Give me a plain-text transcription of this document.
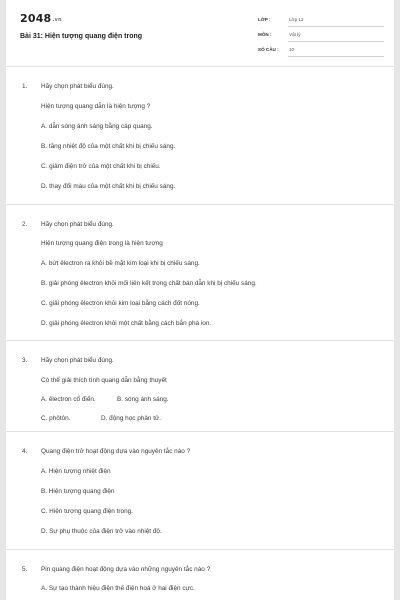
2048.vn
Bài 31: Hiện tượng quang điện trong
LỚP :	Lớp 12
MÔN :	Vật lý
SỐ CÂU : 10
1. Hãy chọn phát biểu đúng.
Hiện tượng quang dẫn là hiện tượng ?
A. dẫn sóng ánh sáng bằng cáp quang.
B. tăng nhiệt độ của một chất khi bị chiếu sáng.
C. giảm điện trở của một chất khi bị chiếu.
D. thay đổi màu của một chất khi bị chiếu sáng.
2. Hãy chọn phát biểu đúng.
Hiện tượng quang điện trong là hiện tượng
A. bứt êlectron ra khỏi bề mặt kim loại khi bị chiếu sáng.
B. giải phóng êlectron khỏi mối liên kết trong chất bán dẫn khi bị chiếu sáng.
C. giải phóng êlectron khỏi kim loại bằng cách đốt nóng.
D. giải phóng êlectron khỏi một chất bằng cách bắn phá ion.
3. Hãy chọn phát biểu đúng.
Có thể giải thích tính quang dẫn bằng thuyết
A. êlectron cổ điển.	B. sóng ánh sáng.
C. phôtôn.	D. động học phân tử.
4. Quang điện trở hoạt động dựa vào nguyên tắc nào ?
A. Hiện tượng nhiệt điện
B. Hiện tượng quang điện
C. Hiện tượng quang điện trong.
D. Sự phụ thuộc của điện trở vào nhiệt độ.
5. Pin quang điện hoạt động dựa vào những nguyên tắc nào ?
A. Sự tạo thành hiệu điện thế điện hoá ở hai điện cực.
